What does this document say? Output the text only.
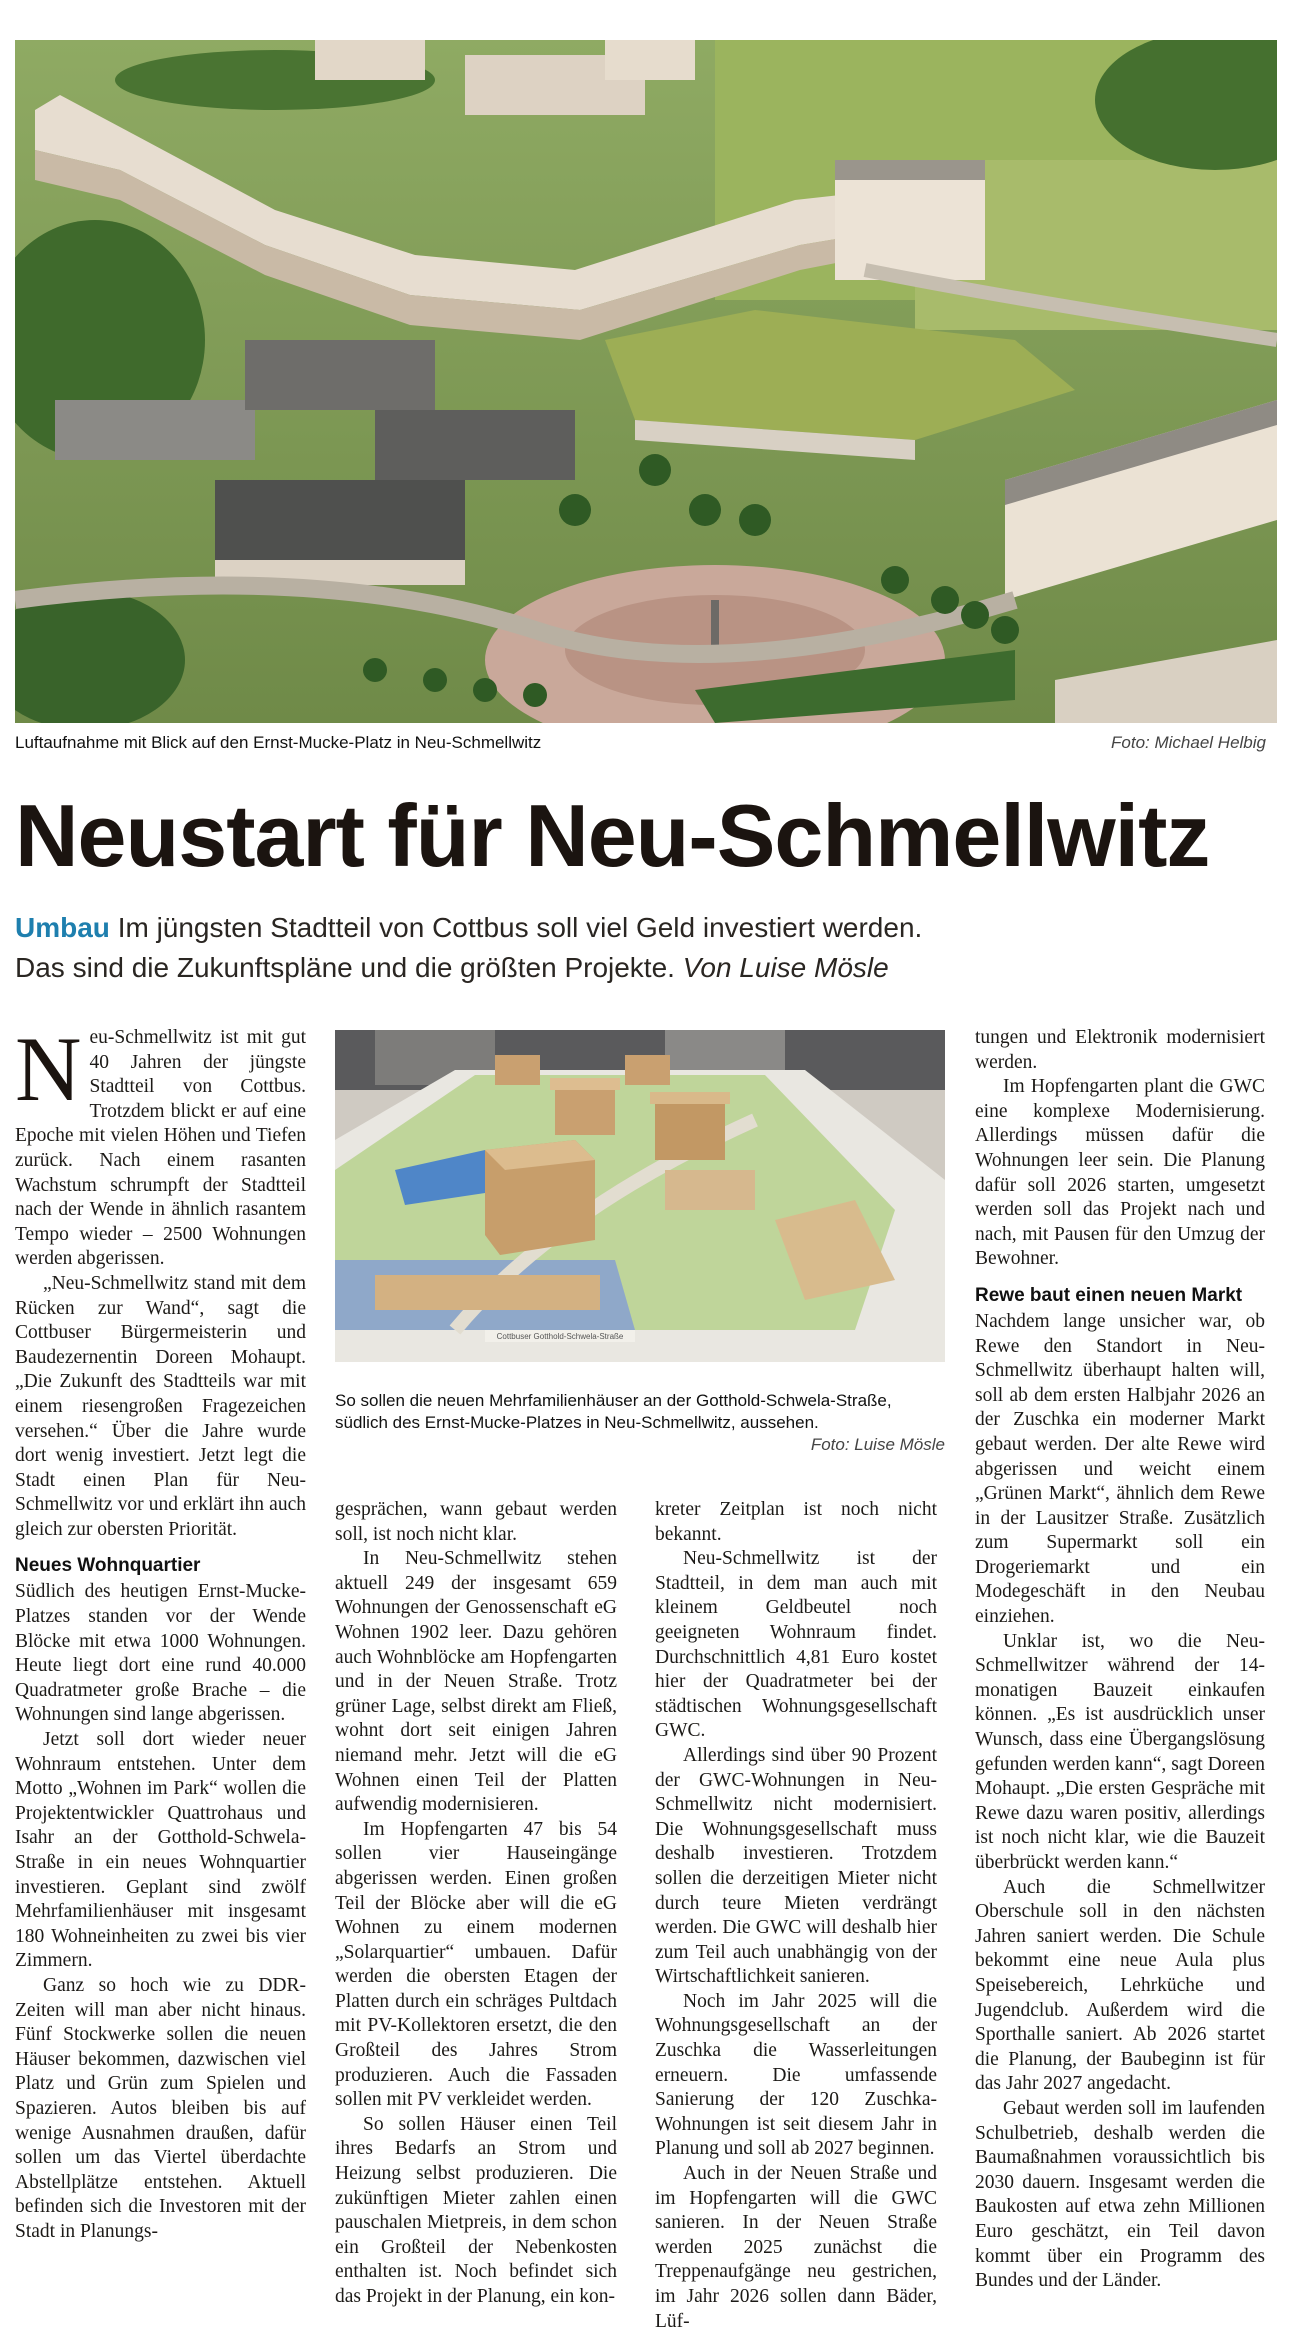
Luftaufnahme mit Blick auf den Ernst-Mucke-Platz in Neu-Schmellwitz	Foto: Michael Helbig
Neustart für Neu-Schmellwitz
Umbau Im jüngsten Stadtteil von Cottbus soll viel Geld investiert werden.
Das sind die Zukunftspläne und die größten Projekte. Von Luise Mösle

Neu-Schmellwitz ist mit gut 40 Jahren der jüngste Stadtteil von Cottbus. Trotzdem blickt er auf eine Epoche mit vielen Höhen und Tiefen zurück. Nach einem rasanten Wachstum schrumpft der Stadtteil nach der Wende in ähnlich rasantem Tempo wieder – 2500 Wohnungen werden abgerissen.

„Neu-Schmellwitz stand mit dem Rücken zur Wand“, sagt die Cottbuser Bürgermeisterin und Baudezernentin Doreen Mohaupt. „Die Zukunft des Stadtteils war mit einem riesengroßen Fragezeichen versehen.“ Über die Jahre wurde dort wenig investiert. Jetzt legt die Stadt einen Plan für Neu-Schmellwitz vor und erklärt ihn auch gleich zur obersten Priorität.

Neues Wohnquartier

Südlich des heutigen Ernst-Mucke-Platzes standen vor der Wende Blöcke mit etwa 1000 Wohnungen. Heute liegt dort eine rund 40.000 Quadratmeter große Brache – die Wohnungen sind lange abgerissen.

Jetzt soll dort wieder neuer Wohnraum entstehen. Unter dem Motto „Wohnen im Park“ wollen die Projektentwickler Quattrohaus und Isahr an der Gotthold-Schwela-Straße in ein neues Wohnquartier investieren. Geplant sind zwölf Mehrfamilienhäuser mit insgesamt 180 Wohneinheiten zu zwei bis vier Zimmern.

Ganz so hoch wie zu DDR-Zeiten will man aber nicht hinaus. Fünf Stockwerke sollen die neuen Häuser bekommen, dazwischen viel Platz und Grün zum Spielen und Spazieren. Autos bleiben bis auf wenige Ausnahmen draußen, dafür sollen um das Viertel überdachte Abstellplätze entstehen. Aktuell befinden sich die Investoren mit der Stadt in Planungs-

Cottbuser Gotthold-Schwela-Straße
So sollen die neuen Mehrfamilienhäuser an der Gotthold-Schwela-Straße, südlich des Ernst-Mucke-Platzes in Neu-Schmellwitz, aussehen.
Foto: Luise Mösle

gesprächen, wann gebaut werden soll, ist noch nicht klar.

In Neu-Schmellwitz stehen aktuell 249 der insgesamt 659 Wohnungen der Genossenschaft eG Wohnen 1902 leer. Dazu gehören auch Wohnblöcke am Hopfengarten und in der Neuen Straße. Trotz grüner Lage, selbst direkt am Fließ, wohnt dort seit einigen Jahren niemand mehr. Jetzt will die eG Wohnen einen Teil der Platten aufwendig modernisieren.

Im Hopfengarten 47 bis 54 sollen vier Hauseingänge abgerissen werden. Einen großen Teil der Blöcke aber will die eG Wohnen zu einem modernen „Solarquartier“ umbauen. Dafür werden die obersten Etagen der Platten durch ein schräges Pultdach mit PV-Kollektoren ersetzt, die den Großteil des Jahres Strom produzieren. Auch die Fassaden sollen mit PV verkleidet werden.

So sollen Häuser einen Teil ihres Bedarfs an Strom und Heizung selbst produzieren. Die zukünftigen Mieter zahlen einen pauschalen Mietpreis, in dem schon ein Großteil der Nebenkosten enthalten ist. Noch befindet sich das Projekt in der Planung, ein kon-

kreter Zeitplan ist noch nicht bekannt.

Neu-Schmellwitz ist der Stadtteil, in dem man auch mit kleinem Geldbeutel noch geeigneten Wohnraum findet. Durchschnittlich 4,81 Euro kostet hier der Quadratmeter bei der städtischen Wohnungsgesellschaft GWC.

Allerdings sind über 90 Prozent der GWC-Wohnungen in Neu-Schmellwitz nicht modernisiert. Die Wohnungsgesellschaft muss deshalb investieren. Trotzdem sollen die derzeitigen Mieter nicht durch teure Mieten verdrängt werden. Die GWC will deshalb hier zum Teil auch unabhängig von der Wirtschaftlichkeit sanieren.

Noch im Jahr 2025 will die Wohnungsgesellschaft an der Zuschka die Wasserleitungen erneuern. Die umfassende Sanierung der 120 Zuschka-Wohnungen ist seit diesem Jahr in Planung und soll ab 2027 beginnen.

Auch in der Neuen Straße und im Hopfengarten will die GWC sanieren. In der Neuen Straße werden 2025 zunächst die Treppenaufgänge neu gestrichen, im Jahr 2026 sollen dann Bäder, Lüf-

tungen und Elektronik modernisiert werden.

Im Hopfengarten plant die GWC eine komplexe Modernisierung. Allerdings müssen dafür die Wohnungen leer sein. Die Planung dafür soll 2026 starten, umgesetzt werden soll das Projekt nach und nach, mit Pausen für den Umzug der Bewohner.

Rewe baut einen neuen Markt

Nachdem lange unsicher war, ob Rewe den Standort in Neu-Schmellwitz überhaupt halten will, soll ab dem ersten Halbjahr 2026 an der Zuschka ein moderner Markt gebaut werden. Der alte Rewe wird abgerissen und weicht einem „Grünen Markt“, ähnlich dem Rewe in der Lausitzer Straße. Zusätzlich zum Supermarkt soll ein Drogeriemarkt und ein Modegeschäft in den Neubau einziehen.

Unklar ist, wo die Neu-Schmellwitzer während der 14-monatigen Bauzeit einkaufen können. „Es ist ausdrücklich unser Wunsch, dass eine Übergangslösung gefunden werden kann“, sagt Doreen Mohaupt. „Die ersten Gespräche mit Rewe dazu waren positiv, allerdings ist noch nicht klar, wie die Bauzeit überbrückt werden kann.“

Auch die Schmellwitzer Oberschule soll in den nächsten Jahren saniert werden. Die Schule bekommt eine neue Aula plus Speisebereich, Lehrküche und Jugendclub. Außerdem wird die Sporthalle saniert. Ab 2026 startet die Planung, der Baubeginn ist für das Jahr 2027 angedacht.

Gebaut werden soll im laufenden Schulbetrieb, deshalb werden die Baumaßnahmen voraussichtlich bis 2030 dauern. Insgesamt werden die Baukosten auf etwa zehn Millionen Euro geschätzt, ein Teil davon kommt über ein Programm des Bundes und der Länder.
